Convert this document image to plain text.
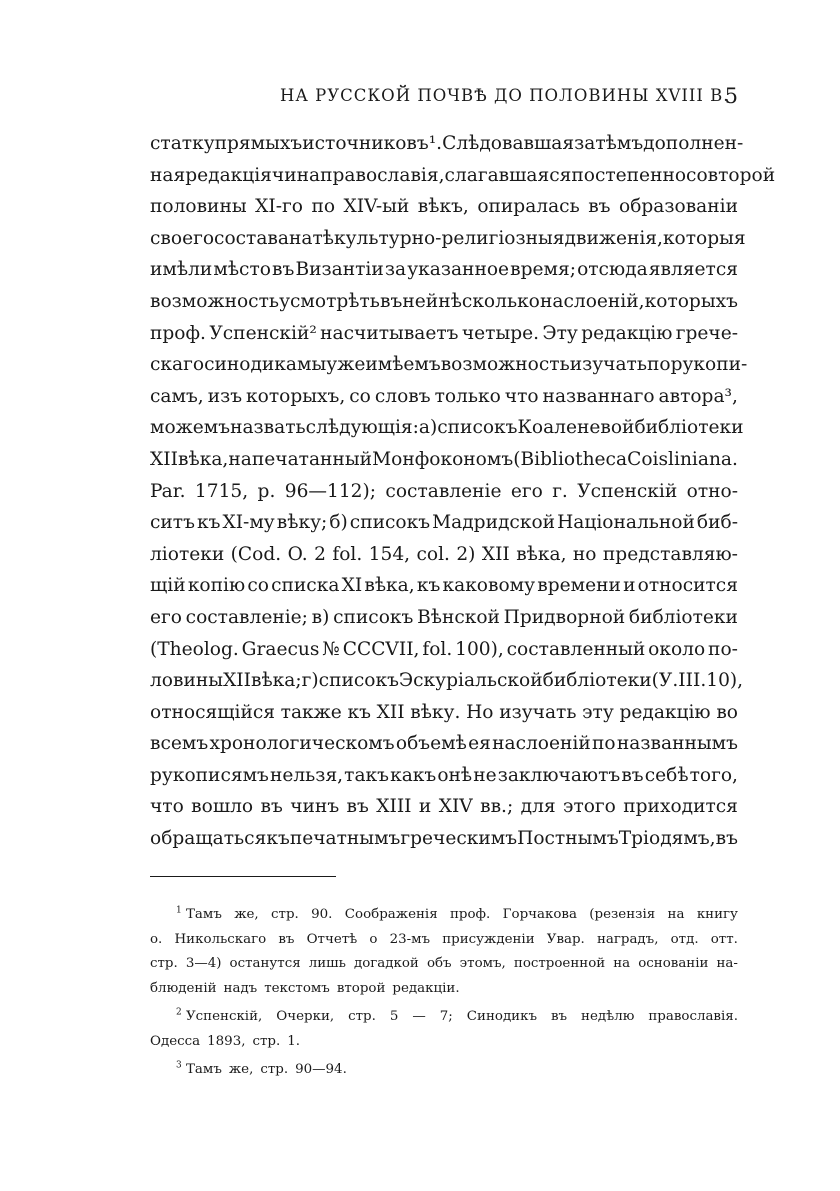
НА РУССКОЙ ПОЧВѢ ДО ПОЛОВИНЫ XVIII В.
5
статку прямыхъ источниковъ¹. Слѣдовавшая затѣмъ дополнен-
ная редакція чина православія, слагавшаяся постепенно со второй
половины XI-го по XIV-ый вѣкъ, опиралась въ образованіи
своего состава на тѣ культурно-религіозныя движенія, которыя
имѣли мѣсто въ Византіи за указанное время; отсюда является
возможность усмотрѣть въ ней нѣсколько наслоеній, которыхъ
проф. Успенскій² насчитываетъ четыре. Эту редакцію грече-
скаго синодика мы уже имѣемъ возможность изучать по рукопи-
самъ, изъ которыхъ, со словъ только что названнаго автора³,
можемъ назвать слѣдующія: а) списокъ Коаленевой библіотеки
XII вѣка, напечатанный Монфокономъ (Bibliotheca Coisliniana.
Par. 1715, p. 96—112); составленіе его г. Успенскій отно-
ситъ къ XI-му вѣку; б) списокъ Мадридской Національной биб-
ліотеки (Cod. O. 2 fol. 154, col. 2) XII вѣка, но представляю-
щій копію со списка XI вѣка, къ каковому времени и относится
его составленіе; в) списокъ Вѣнской Придворной библіотеки
(Theolog. Graecus № CCCVII, fol. 100), составленный около по-
ловины XII вѣка; г) списокъ Эскуріальской библіотеки (У. III. 10),
относящійся также къ XII вѣку. Но изучать эту редакцію во
всемъ хронологическомъ объемѣ ея наслоеній по названнымъ
рукописямъ нельзя, такъ какъ онѣ не заключаютъ въ себѣ того,
что вошло въ чинъ въ XIII и XIV вв.; для этого приходится
обращаться къ печатнымъ греческимъ Постнымъ Тріодямъ, въ
$^1$ Тамъ же, стр. 90. Соображенія проф. Горчакова (резензія на книгу
о. Никольскаго въ Отчетѣ о 23-мъ присужденіи Увар. наградъ, отд. отт.
стр. 3—4) останутся лишь догадкой объ этомъ, построенной на основаніи на-
блюденій надъ текстомъ второй редакціи.
$^2$ Успенскій, Очерки, стр. 5 — 7; Синодикъ въ недѣлю православія.
Одесса 1893, стр. 1.
$^3$ Тамъ же, стр. 90—94.
